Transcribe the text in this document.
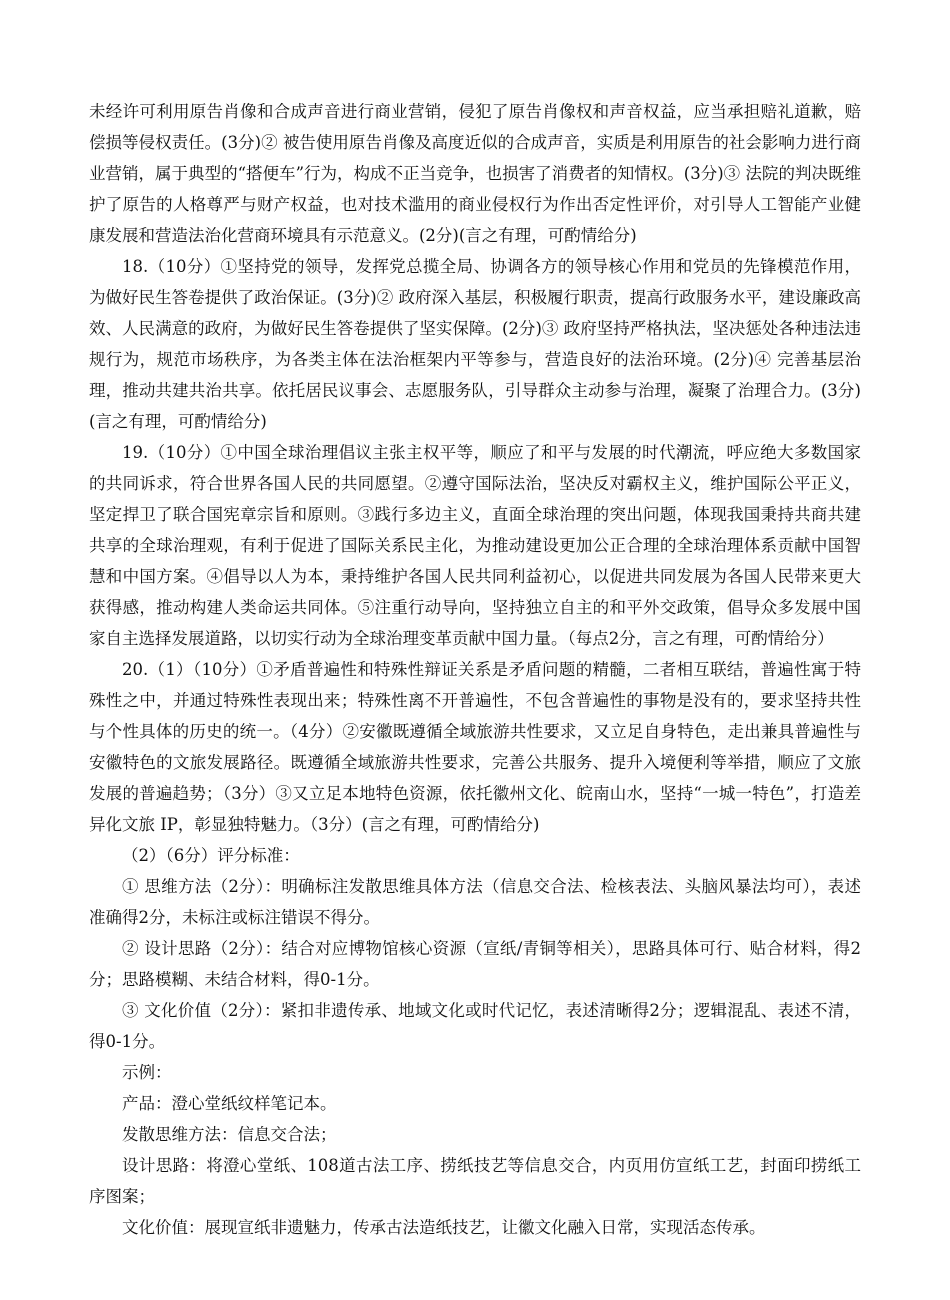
未经许可利用原告肖像和合成声音进行商业营销，侵犯了原告肖像权和声音权益，应当承担赔礼道歉，赔偿损等侵权责任。(3分)② 被告使用原告肖像及高度近似的合成声音，实质是利用原告的社会影响力进行商业营销，属于典型的“搭便车”行为，构成不正当竞争，也损害了消费者的知情权。(3分)③ 法院的判决既维护了原告的人格尊严与财产权益，也对技术滥用的商业侵权行为作出否定性评价，对引导人工智能产业健康发展和营造法治化营商环境具有示范意义。(2分)(言之有理，可酌情给分)

18.（10分）①坚持党的领导，发挥党总揽全局、协调各方的领导核心作用和党员的先锋模范作用，为做好民生答卷提供了政治保证。(3分)② 政府深入基层，积极履行职责，提高行政服务水平，建设廉政高效、人民满意的政府，为做好民生答卷提供了坚实保障。(2分)③ 政府坚持严格执法，坚决惩处各种违法违规行为，规范市场秩序，为各类主体在法治框架内平等参与，营造良好的法治环境。(2分)④ 完善基层治理，推动共建共治共享。依托居民议事会、志愿服务队，引导群众主动参与治理，凝聚了治理合力。(3分)(言之有理，可酌情给分)

19.（10分）①中国全球治理倡议主张主权平等，顺应了和平与发展的时代潮流，呼应绝大多数国家的共同诉求，符合世界各国人民的共同愿望。②遵守国际法治，坚决反对霸权主义，维护国际公平正义，坚定捍卫了联合国宪章宗旨和原则。③践行多边主义，直面全球治理的突出问题，体现我国秉持共商共建共享的全球治理观，有利于促进了国际关系民主化，为推动建设更加公正合理的全球治理体系贡献中国智慧和中国方案。④倡导以人为本，秉持维护各国人民共同利益初心，以促进共同发展为各国人民带来更大获得感，推动构建人类命运共同体。⑤注重行动导向，坚持独立自主的和平外交政策，倡导众多发展中国家自主选择发展道路，以切实行动为全球治理变革贡献中国力量。（每点2分，言之有理，可酌情给分）

20.（1）（10分）①矛盾普遍性和特殊性辩证关系是矛盾问题的精髓，二者相互联结，普遍性寓于特殊性之中，并通过特殊性表现出来；特殊性离不开普遍性，不包含普遍性的事物是没有的，要求坚持共性与个性具体的历史的统一。（4分）②安徽既遵循全域旅游共性要求，又立足自身特色，走出兼具普遍性与安徽特色的文旅发展路径。既遵循全域旅游共性要求，完善公共服务、提升入境便利等举措，顺应了文旅发展的普遍趋势；（3分）③又立足本地特色资源，依托徽州文化、皖南山水，坚持“一城一特色”，打造差异化文旅 IP，彰显独特魅力。（3分）(言之有理，可酌情给分)

（2）（6分）评分标准：

① 思维方法（2分）：明确标注发散思维具体方法（信息交合法、检核表法、头脑风暴法均可），表述准确得2分，未标注或标注错误不得分。

② 设计思路（2分）：结合对应博物馆核心资源（宣纸/青铜等相关），思路具体可行、贴合材料，得2分；思路模糊、未结合材料，得0-1分。

③ 文化价值（2分）：紧扣非遗传承、地域文化或时代记忆，表述清晰得2分；逻辑混乱、表述不清，得0-1分。

示例：

产品：澄心堂纸纹样笔记本。

发散思维方法：信息交合法；

设计思路：将澄心堂纸、108道古法工序、捞纸技艺等信息交合，内页用仿宣纸工艺，封面印捞纸工序图案；

文化价值：展现宣纸非遗魅力，传承古法造纸技艺，让徽文化融入日常，实现活态传承。
